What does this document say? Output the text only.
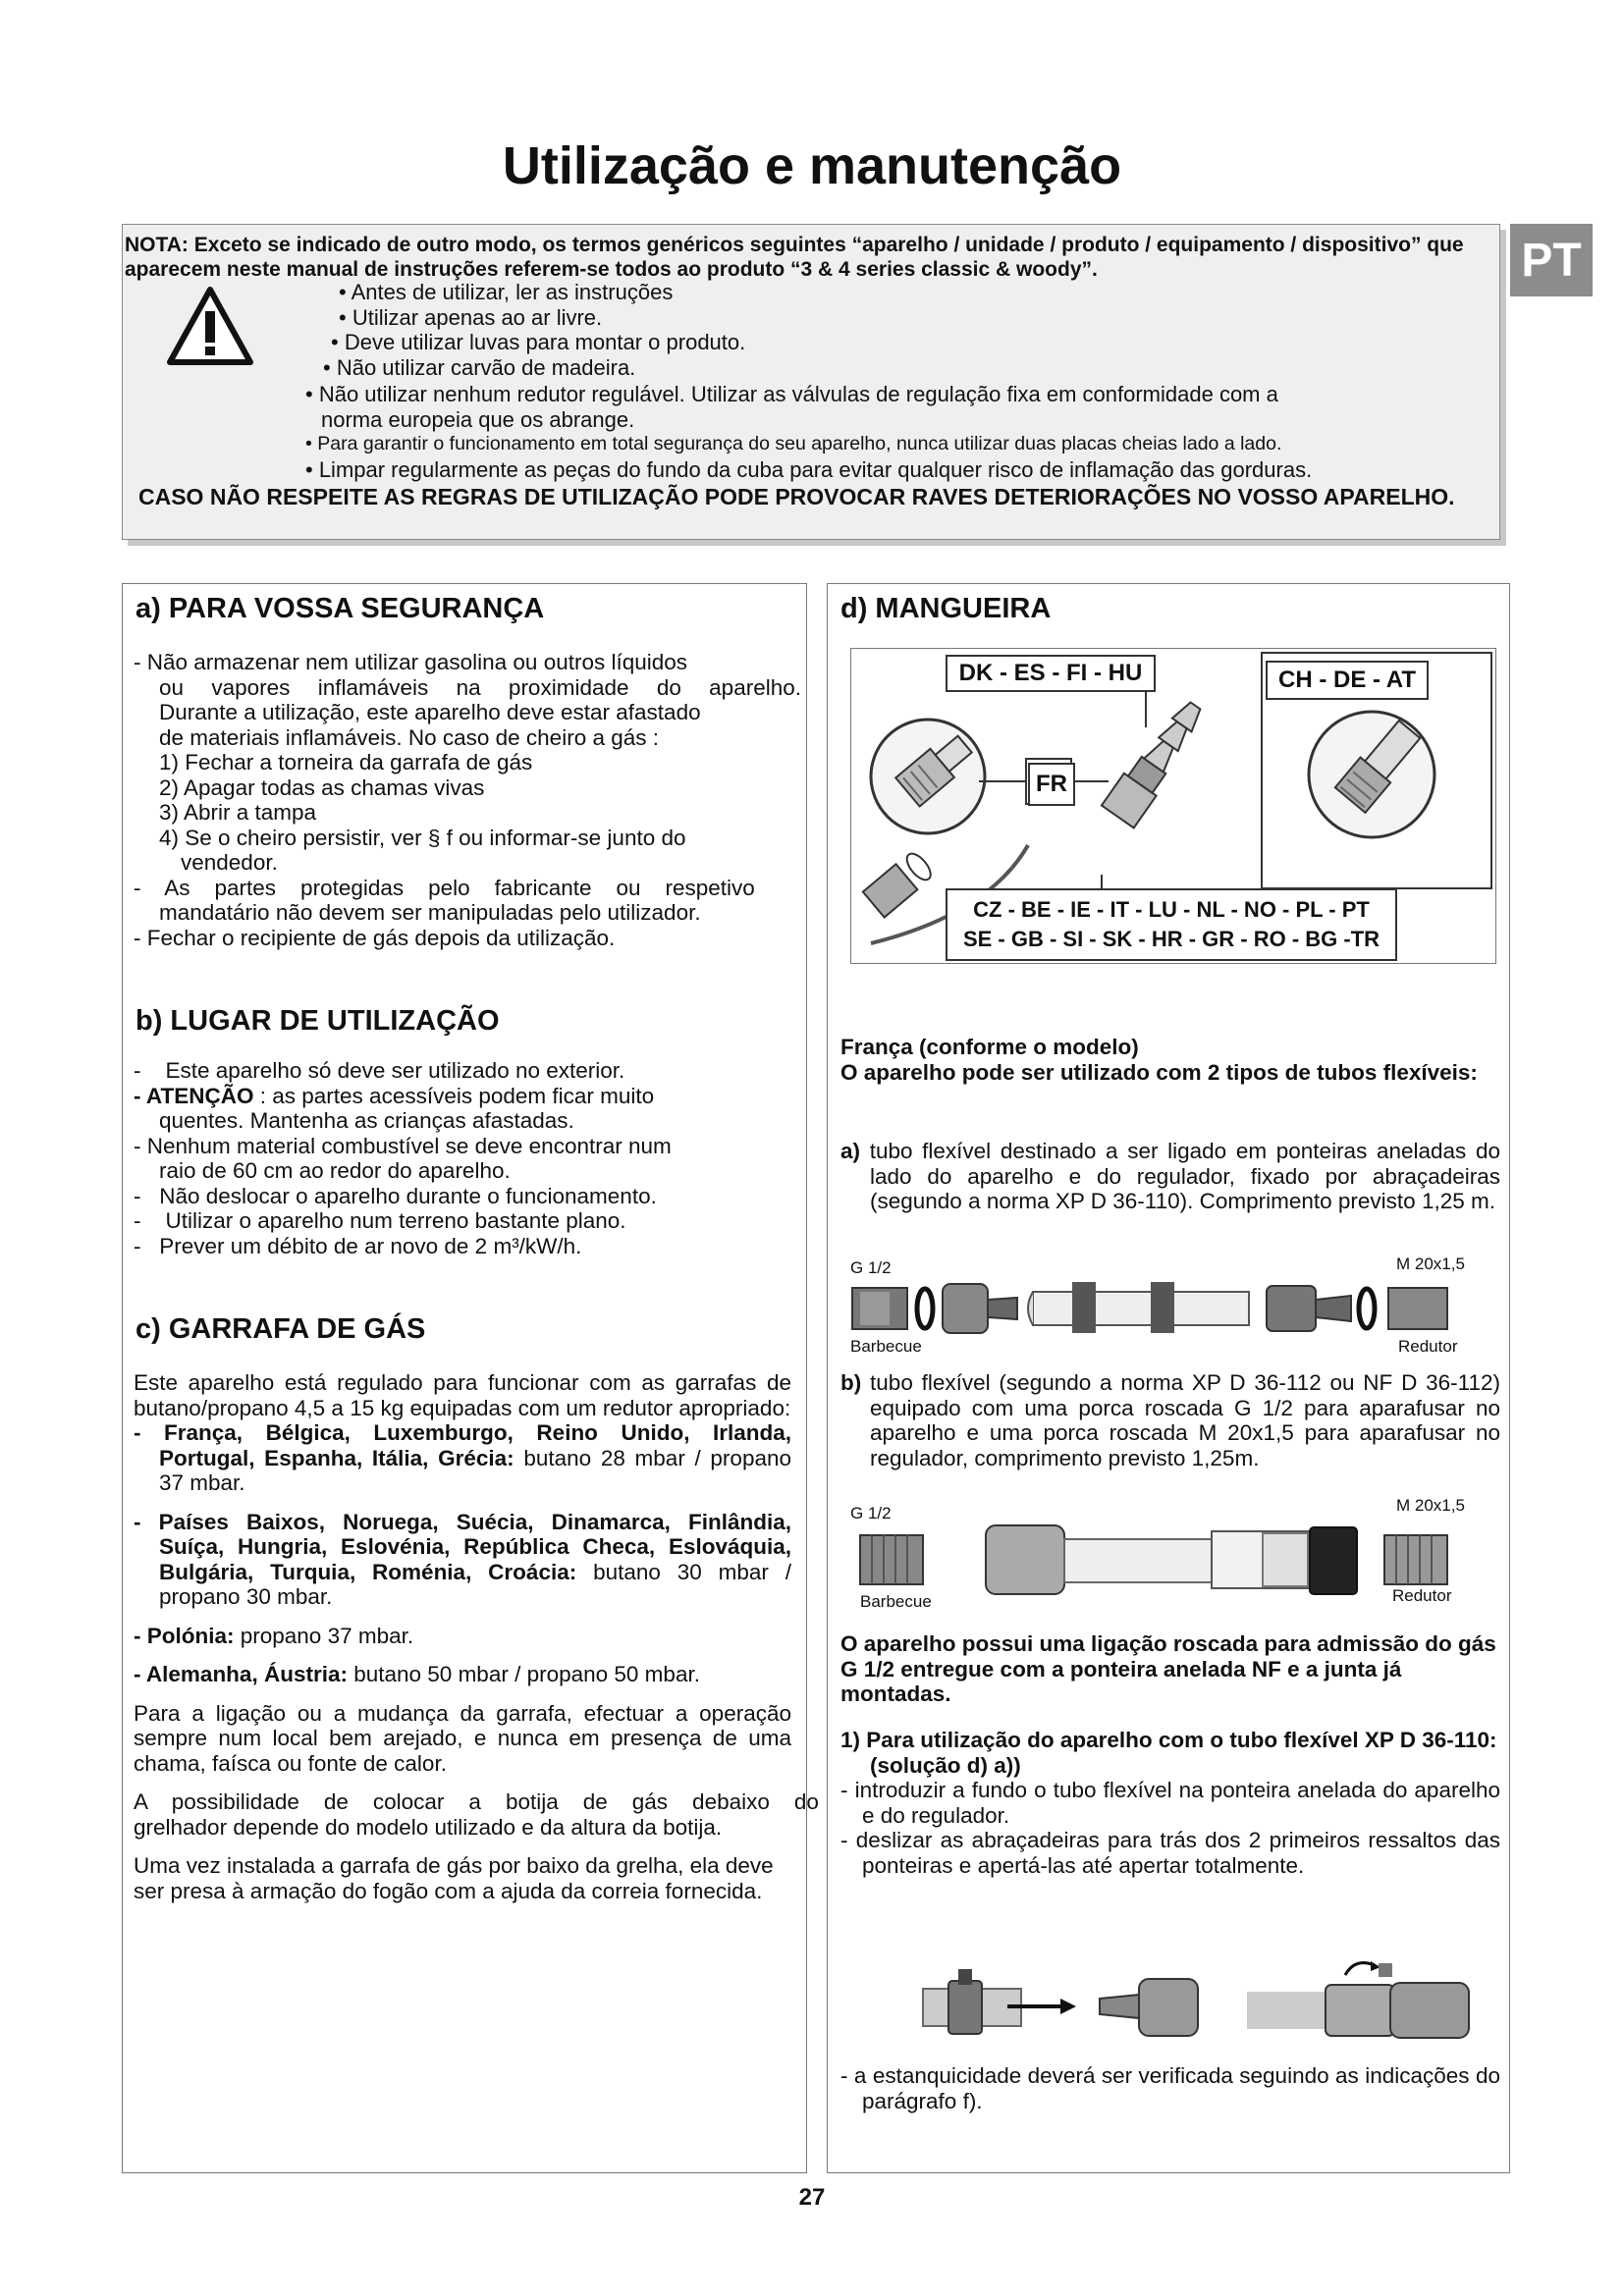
Utilização e manutenção
PT
NOTA: Exceto se indicado de outro modo, os termos genéricos seguintes “aparelho / unidade / produto / equipamento / dispositivo” que aparecem neste manual de instruções referem-se todos ao produto “3 & 4 series classic & woody”.
• Antes de utilizar, ler as instruções
• Utilizar apenas ao ar livre.
• Deve utilizar luvas para montar o produto.
• Não utilizar carvão de madeira.
• Não utilizar nenhum redutor regulável. Utilizar as válvulas de regulação fixa em conformidade com a
norma europeia que os abrange.
• Para garantir o funcionamento em total segurança do seu aparelho, nunca utilizar duas placas cheias lado a lado.
• Limpar regularmente as peças do fundo da cuba para evitar qualquer risco de inflamação das gorduras.
CASO NÃO RESPEITE AS REGRAS DE UTILIZAÇÃO PODE PROVOCAR RAVES DETERIORAÇÕES NO VOSSO APARELHO.
a) PARA VOSSA SEGURANÇA

- Não armazenar nem utilizar gasolina ou outros líquidos

ou vapores inflamáveis na proximidade do aparelho.

Durante a utilização, este aparelho deve estar afastado

de materiais inflamáveis. No caso de cheiro a gás :

1) Fechar a torneira da garrafa de gás

2) Apagar todas as chamas vivas

3) Abrir a tampa

4) Se o cheiro persistir, ver § f ou informar-se junto do

vendedor.

-    As    partes    protegidas    pelo    fabricante    ou    respetivo

mandatário não devem ser manipuladas pelo utilizador.

- Fechar o recipiente de gás depois da utilização.

b) LUGAR DE UTILIZAÇÃO

-    Este aparelho só deve ser utilizado no exterior.

- ATENÇÃO : as partes acessíveis podem ficar muito

quentes. Mantenha as crianças afastadas.

- Nenhum material combustível se deve encontrar num

raio de 60 cm ao redor do aparelho.

-   Não deslocar o aparelho durante o funcionamento.

-    Utilizar o aparelho num terreno bastante plano.

-   Prever um débito de ar novo de 2 m³/kW/h.

c) GARRAFA DE GÁS

Este aparelho está regulado para funcionar com as garrafas de butano/propano 4,5 a 15 kg equipadas com um redutor apropriado:

- França, Bélgica, Luxemburgo, Reino Unido, Irlanda, Portugal, Espanha, Itália, Grécia: butano 28 mbar / propano 37 mbar.

- Países Baixos, Noruega, Suécia, Dinamarca, Finlândia, Suíça, Hungria, Eslovénia, República Checa, Eslováquia, Bulgária, Turquia, Roménia, Croácia: butano 30 mbar / propano 30 mbar.

- Polónia: propano 37 mbar.

- Alemanha, Áustria: butano 50 mbar / propano 50 mbar.

Para a ligação ou a mudança da garrafa, efectuar a operação sempre num local bem arejado, e nunca em presença de uma chama, faísca ou fonte de calor.

A    possibilidade    de    colocar    a    botija    de    gás    debaixo    do

grelhador depende do modelo utilizado e da altura da botija.

Uma vez instalada a garrafa de gás por baixo da grelha, ela deve ser presa à armação do fogão com a ajuda da correia fornecida.

d) MANGUEIRA
DK - ES - FI - HU	CH - DE - AT
FR
CZ - BE - IE - IT - LU - NL - NO - PL - PT
SE - GB - SI - SK - HR - GR - RO - BG -TR

França (conforme o modelo)

O aparelho pode ser utilizado com 2 tipos de tubos flexíveis:

a) tubo flexível destinado a ser ligado em ponteiras aneladas do lado do aparelho e do regulador, fixado por abraçadeiras (segundo a norma XP D 36-110). Comprimento previsto 1,25 m.

G 1/2	M 20x1,5
Barbecue	Redutor

b) tubo flexível (segundo a norma XP D 36-112 ou NF D 36-112) equipado com uma porca roscada G 1/2 para aparafusar no aparelho e uma porca roscada M 20x1,5 para aparafusar no regulador, comprimento previsto 1,25m.

G 1/2	M 20x1,5
Barbecue	Redutor
O aparelho possui uma ligação roscada para admissão do gás G 1/2 entregue com a ponteira anelada NF e a junta já montadas.

1) Para utilização do aparelho com o tubo flexível XP D 36-110: (solução d) a))

- introduzir a fundo o tubo flexível na ponteira anelada do aparelho e do regulador.

- deslizar as abraçadeiras para trás dos 2 primeiros ressaltos das ponteiras e apertá-las até apertar totalmente.

- a estanquicidade deverá ser verificada seguindo as indicações do parágrafo f).
27
